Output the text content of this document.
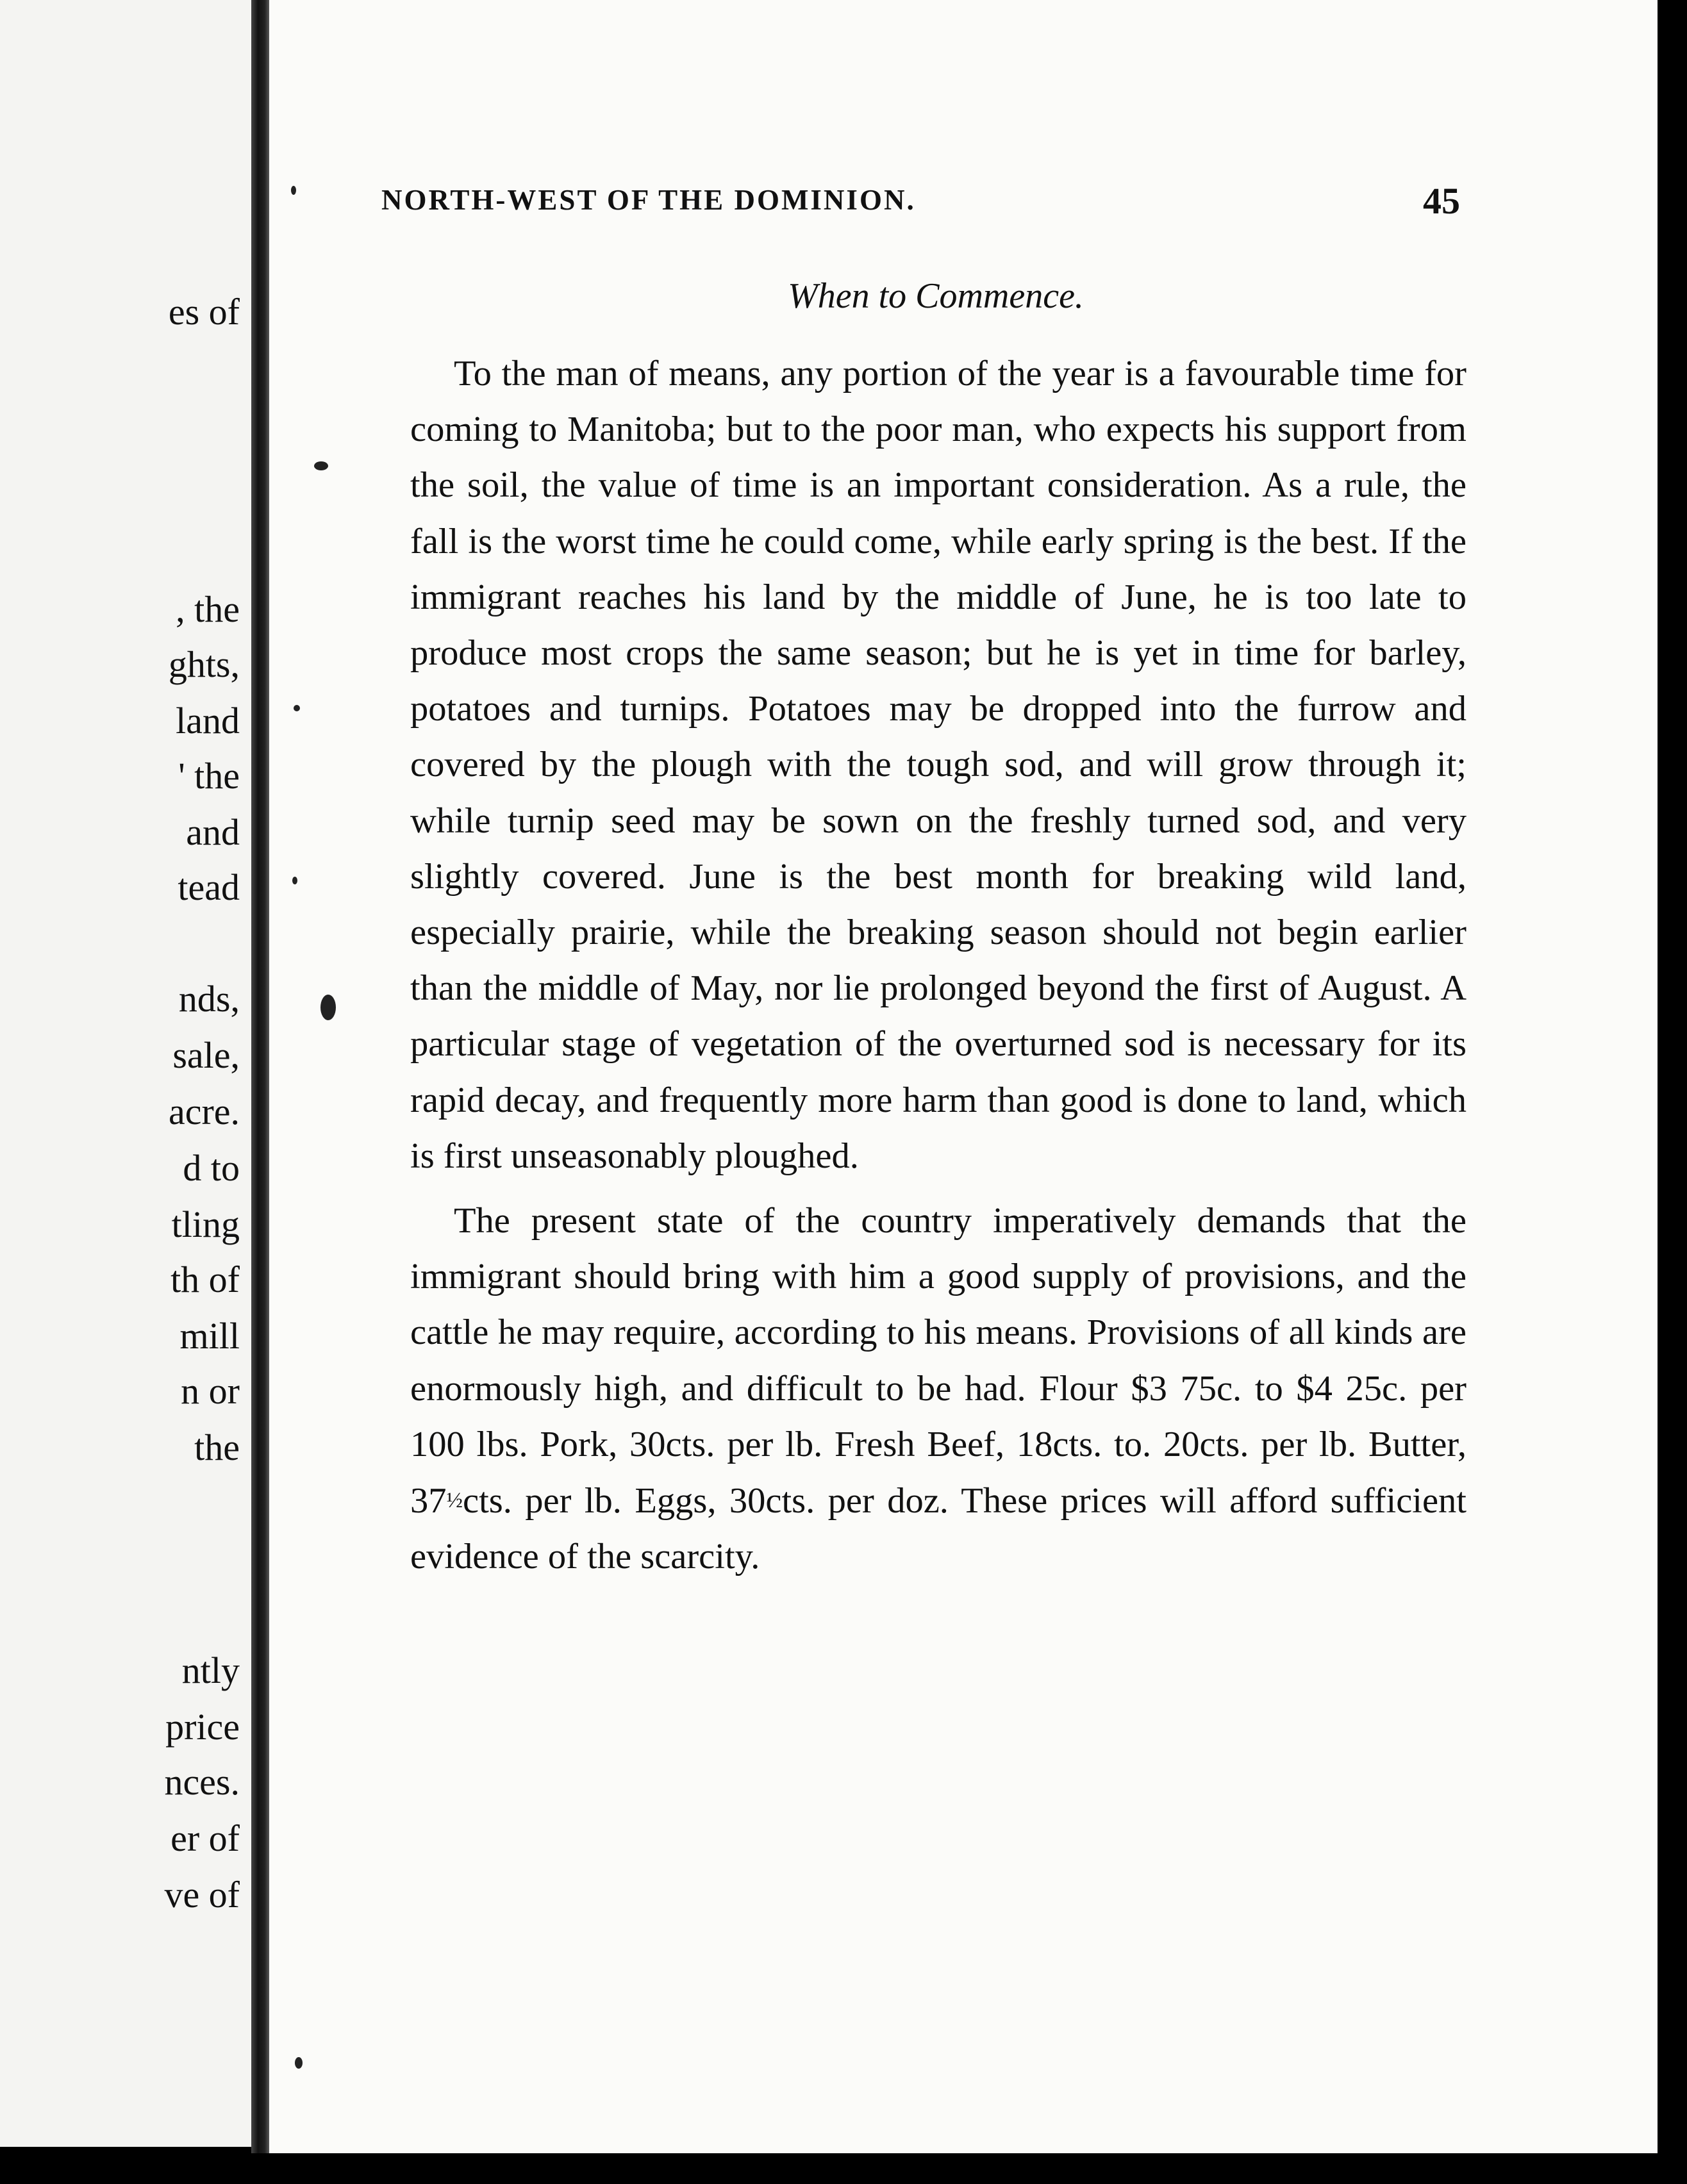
es of
, the
ghts,
land
' the
and
tead
nds,
sale,
acre.
d to
tling
th of
mill
n or
the
ntly
price
nces.
er of
ve of
NORTH-WEST OF THE DOMINION.	45
When to Commence.

To the man of means, any portion of the year is a favourable time for coming to Manitoba; but to the poor man, who expects his support from the soil, the value of time is an important consideration. As a rule, the fall is the worst time he could come, while early spring is the best. If the immigrant reaches his land by the middle of June, he is too late to produce most crops the same season; but he is yet in time for barley, potatoes and turnips. Potatoes may be dropped into the furrow and covered by the plough with the tough sod, and will grow through it; while turnip seed may be sown on the freshly turned sod, and very slightly covered. June is the best month for breaking wild land, especially prairie, while the breaking season should not begin earlier than the middle of May, nor lie prolonged beyond the first of August. A particular stage of vegetation of the overturned sod is necessary for its rapid decay, and frequently more harm than good is done to land, which is first unseasonably ploughed.

The present state of the country imperatively demands that the immigrant should bring with him a good supply of provisions, and the cattle he may require, according to his means. Provisions of all kinds are enormously high, and difficult to be had. Flour $3 75c. to $4 25c. per 100 lbs. Pork, 30cts. per lb. Fresh Beef, 18cts. to. 20cts. per lb. Butter, 37½cts. per lb. Eggs, 30cts. per doz. These prices will afford sufficient evidence of the scarcity.
